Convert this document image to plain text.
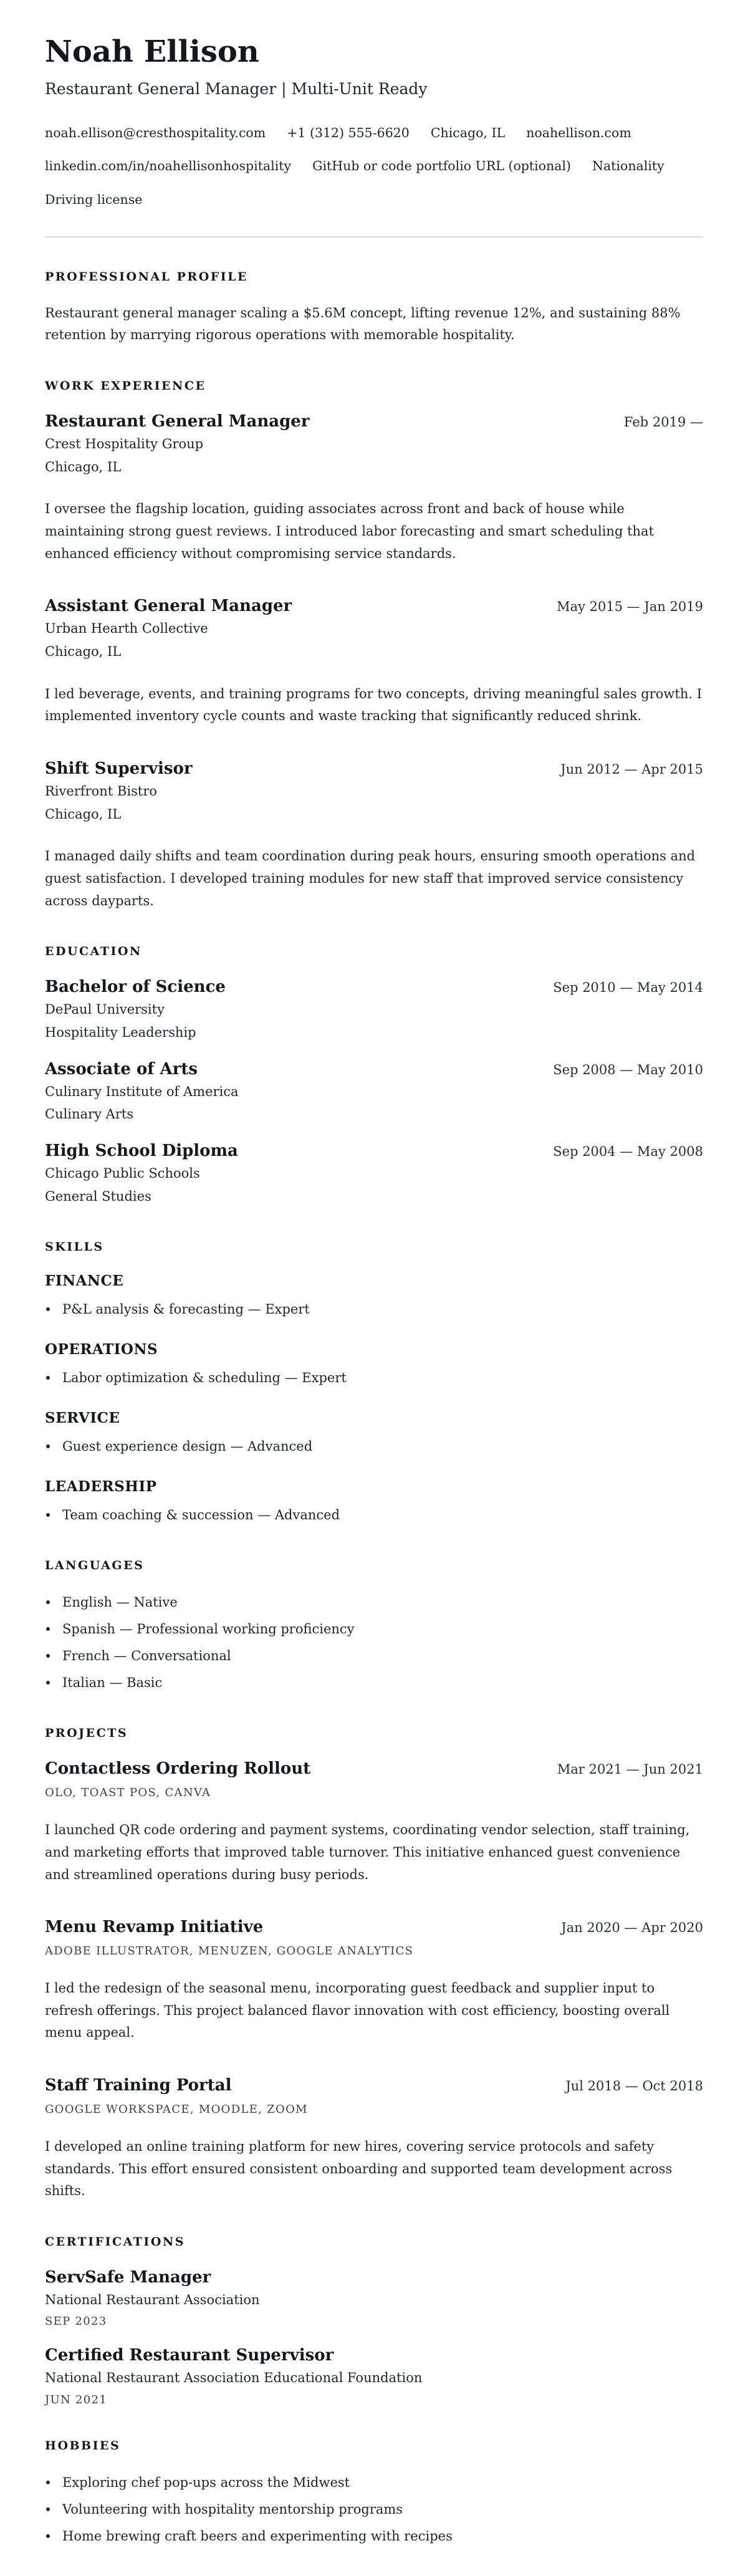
Noah Ellison
Restaurant General Manager | Multi-Unit Ready
noah.ellison@cresthospitality.com +1 (312) 555-6620 Chicago, IL noahellison.com
linkedin.com/in/noahellisonhospitality GitHub or code portfolio URL (optional) Nationality
Driving license
PROFESSIONAL PROFILE

Restaurant general manager scaling a $5.6M concept, lifting revenue 12%, and sustaining 88% retention by marrying rigorous operations with memorable hospitality.

WORK EXPERIENCE
Restaurant General Manager	Feb 2019 —
Crest Hospitality Group
Chicago, IL

I oversee the flagship location, guiding associates across front and back of house while maintaining strong guest reviews. I introduced labor forecasting and smart scheduling that enhanced efficiency without compromising service standards.

Assistant General Manager	May 2015 — Jan 2019
Urban Hearth Collective
Chicago, IL

I led beverage, events, and training programs for two concepts, driving meaningful sales growth. I implemented inventory cycle counts and waste tracking that significantly reduced shrink.

Shift Supervisor	Jun 2012 — Apr 2015
Riverfront Bistro
Chicago, IL

I managed daily shifts and team coordination during peak hours, ensuring smooth operations and guest satisfaction. I developed training modules for new staff that improved service consistency across dayparts.

EDUCATION
Bachelor of Science	Sep 2010 — May 2014
DePaul University
Hospitality Leadership
Associate of Arts	Sep 2008 — May 2010
Culinary Institute of America
Culinary Arts
High School Diploma	Sep 2004 — May 2008
Chicago Public Schools
General Studies
SKILLS
FINANCE
P&L analysis & forecasting — Expert
OPERATIONS
Labor optimization & scheduling — Expert
SERVICE
Guest experience design — Advanced
LEADERSHIP
Team coaching & succession — Advanced
LANGUAGES
English — Native
Spanish — Professional working proficiency
French — Conversational
Italian — Basic
PROJECTS
Contactless Ordering Rollout	Mar 2021 — Jun 2021
OLO, TOAST POS, CANVA

I launched QR code ordering and payment systems, coordinating vendor selection, staff training, and marketing efforts that improved table turnover. This initiative enhanced guest convenience and streamlined operations during busy periods.

Menu Revamp Initiative	Jan 2020 — Apr 2020
ADOBE ILLUSTRATOR, MENUZEN, GOOGLE ANALYTICS

I led the redesign of the seasonal menu, incorporating guest feedback and supplier input to refresh offerings. This project balanced flavor innovation with cost efficiency, boosting overall menu appeal.

Staff Training Portal	Jul 2018 — Oct 2018
GOOGLE WORKSPACE, MOODLE, ZOOM

I developed an online training platform for new hires, covering service protocols and safety standards. This effort ensured consistent onboarding and supported team development across shifts.

CERTIFICATIONS
ServSafe Manager
National Restaurant Association
SEP 2023
Certified Restaurant Supervisor
National Restaurant Association Educational Foundation
JUN 2021
HOBBIES
Exploring chef pop-ups across the Midwest
Volunteering with hospitality mentorship programs
Home brewing craft beers and experimenting with recipes
